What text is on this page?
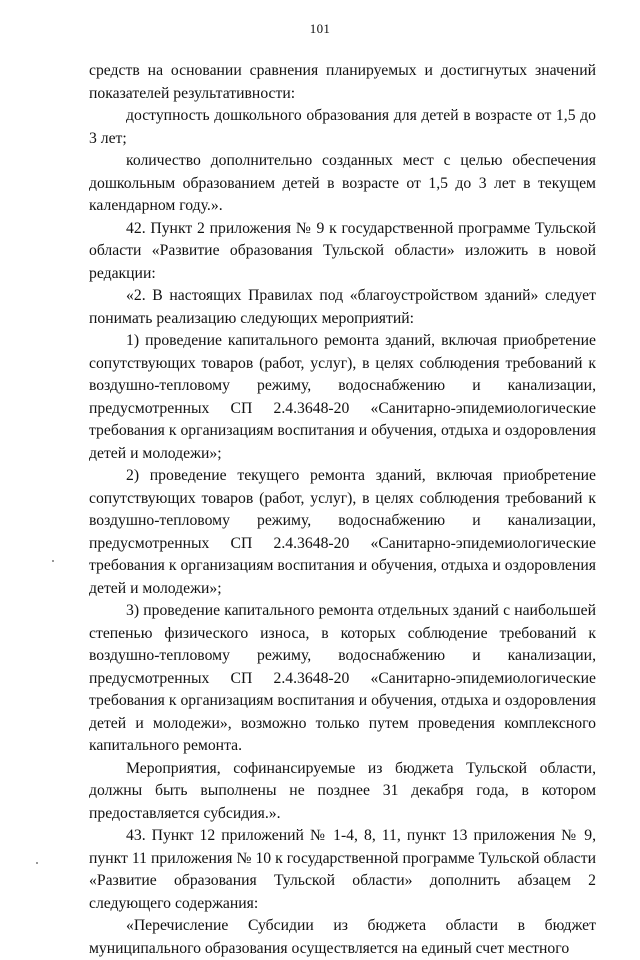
101

средств на основании сравнения планируемых и достигнутых значений показателей результативности:

доступность дошкольного образования для детей в возрасте от 1,5 до 3 лет;

количество дополнительно созданных мест с целью обеспечения дошкольным образованием детей в возрасте от 1,5 до 3 лет в текущем календарном году.».

42. Пункт 2 приложения № 9 к государственной программе Тульской области «Развитие образования Тульской области» изложить в новой редакции:

«2. В настоящих Правилах под «благоустройством зданий» следует понимать реализацию следующих мероприятий:

1) проведение капитального ремонта зданий, включая приобретение сопутствующих товаров (работ, услуг), в целях соблюдения требований к воздушно-тепловому режиму, водоснабжению и канализации, предусмотренных СП 2.4.3648-20 «Санитарно-эпидемиологические требования к организациям воспитания и обучения, отдыха и оздоровления детей и молодежи»;

2) проведение текущего ремонта зданий, включая приобретение сопутствующих товаров (работ, услуг), в целях соблюдения требований к воздушно-тепловому режиму, водоснабжению и канализации, предусмотренных СП 2.4.3648-20 «Санитарно-эпидемиологические требования к организациям воспитания и обучения, отдыха и оздоровления детей и молодежи»;

3) проведение капитального ремонта отдельных зданий с наибольшей степенью физического износа, в которых соблюдение требований к воздушно-тепловому режиму, водоснабжению и канализации, предусмотренных СП 2.4.3648-20 «Санитарно-эпидемиологические требования к организациям воспитания и обучения, отдыха и оздоровления детей и молодежи», возможно только путем проведения комплексного капитального ремонта.

Мероприятия, софинансируемые из бюджета Тульской области, должны быть выполнены не позднее 31 декабря года, в котором предоставляется субсидия.».

43. Пункт 12 приложений № 1-4, 8, 11, пункт 13 приложения № 9, пункт 11 приложения № 10 к государственной программе Тульской области «Развитие образования Тульской области» дополнить абзацем 2 следующего содержания:

«Перечисление Субсидии из бюджета области в бюджет муниципального образования осуществляется на единый счет местного
